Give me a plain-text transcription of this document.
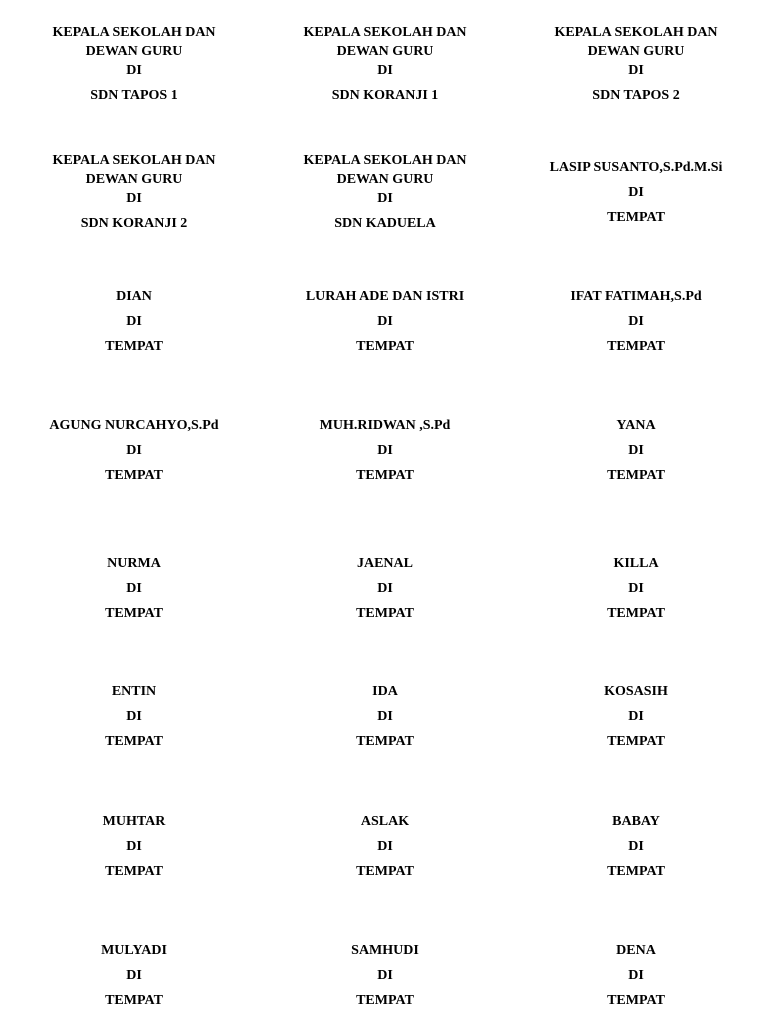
KEPALA SEKOLAH DAN
DEWAN GURU
DI
SDN TAPOS 1
KEPALA SEKOLAH DAN
DEWAN GURU
DI
SDN KORANJI 1
KEPALA SEKOLAH DAN
DEWAN GURU
DI
SDN TAPOS 2
KEPALA SEKOLAH DAN
DEWAN GURU
DI
SDN KORANJI 2
KEPALA SEKOLAH DAN
DEWAN GURU
DI
SDN KADUELA
LASIP SUSANTO,S.Pd.M.Si
DI
TEMPAT
DIAN
DI
TEMPAT
LURAH ADE DAN ISTRI
DI
TEMPAT
IFAT FATIMAH,S.Pd
DI
TEMPAT
AGUNG NURCAHYO,S.Pd
DI
TEMPAT
MUH.RIDWAN ,S.Pd
DI
TEMPAT
YANA
DI
TEMPAT
NURMA
DI
TEMPAT
JAENAL
DI
TEMPAT
KILLA
DI
TEMPAT
ENTIN
DI
TEMPAT
IDA
DI
TEMPAT
KOSASIH
DI
TEMPAT
MUHTAR
DI
TEMPAT
ASLAK
DI
TEMPAT
BABAY
DI
TEMPAT
MULYADI
DI
TEMPAT
SAMHUDI
DI
TEMPAT
DENA
DI
TEMPAT
